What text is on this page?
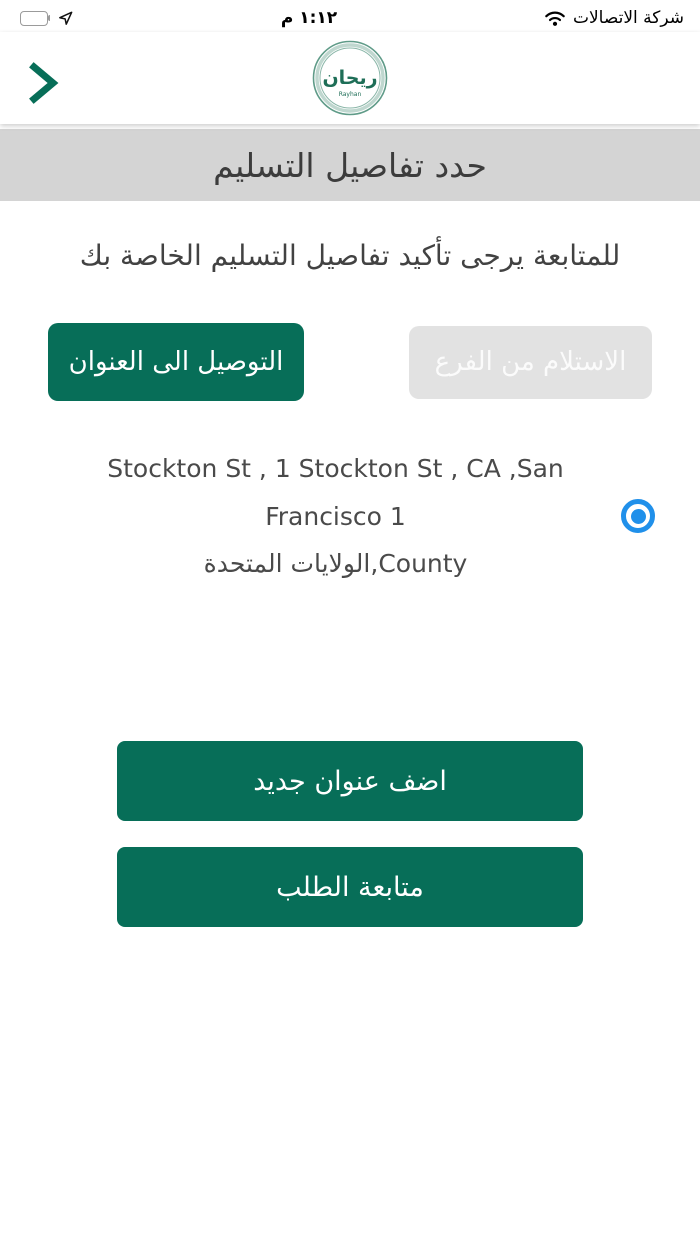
شركة الاتصالات
١:١٢ م
ريحان
Rayhan
حدد تفاصيل التسليم
للمتابعة يرجى تأكيد تفاصيل التسليم الخاصة بك
الاستلام من الفرع
التوصيل الى العنوان
Stockton St , 1 Stockton St , CA ,San Francisco 1
County,الولايات المتحدة
اضف عنوان جديد
متابعة الطلب
